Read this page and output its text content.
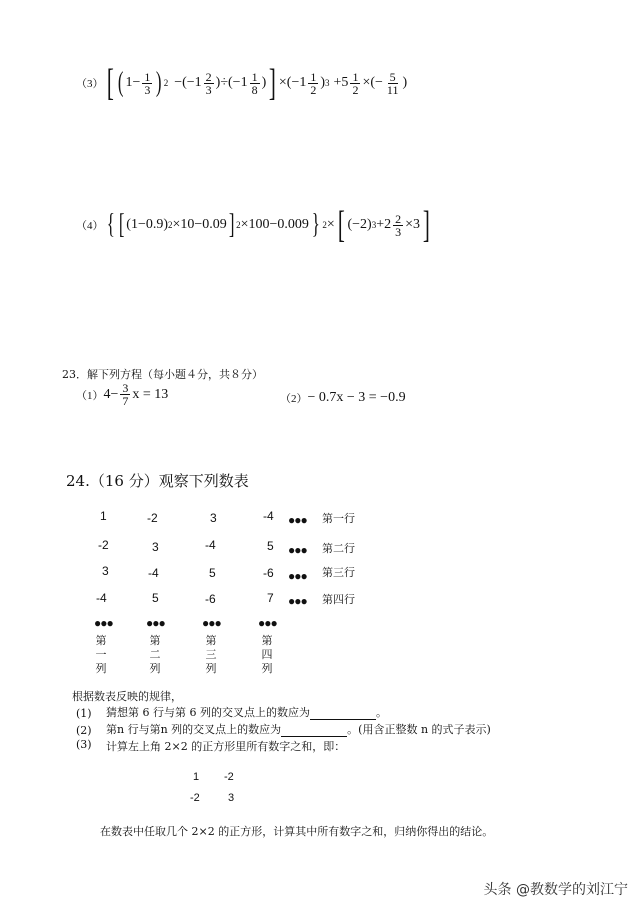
（3） [ ( $1- \frac{1}{3}$ ) $2 -(-1 \frac{2}{3} )\div(-1 \frac{1}{8}$ ) ] $\times(-1 \frac{1}{2}$ ) $3 +5 \frac{1}{2}$ ×(− $\frac{5}{11}$ )
（4） { [ (1−0.9) 2 ×10−0.09 ] 2 ×100−0.009 } 2 × [ (−2) $3 +2 \frac{2}{3} \times 3$ ]
23．解下列方程（每小题４分，共８分）
（1） $4- \frac{3}{7}$ x = 13	（2） − 0.7x − 3 = −0.9
24.（16 分）观察下列数表
1	-2	3	-4 ●●● 第一行
-2	3	-4	5 ●●● 第二行
3	-4	5	-6 ●●● 第三行
-4	5	-6	7 ●●● 第四行
●●●	●●●	●●●	●●●
第
一
列
第
二
列
第
三
列
第
四
列
根据数表反映的规律，
(1)	猜想第 6 行与第 6 列的交叉点上的数应为	。
(2)	第n 行与第n 列的交叉点上的数应为	。(用含正整数 n 的式子表示)
(3)	计算左上角 2×2 的正方形里所有数字之和，即：
1 -2
-2	3
在数表中任取几个 2×2 的正方形，计算其中所有数字之和，归纳你得出的结论。
头条 @教数学的刘江宁
